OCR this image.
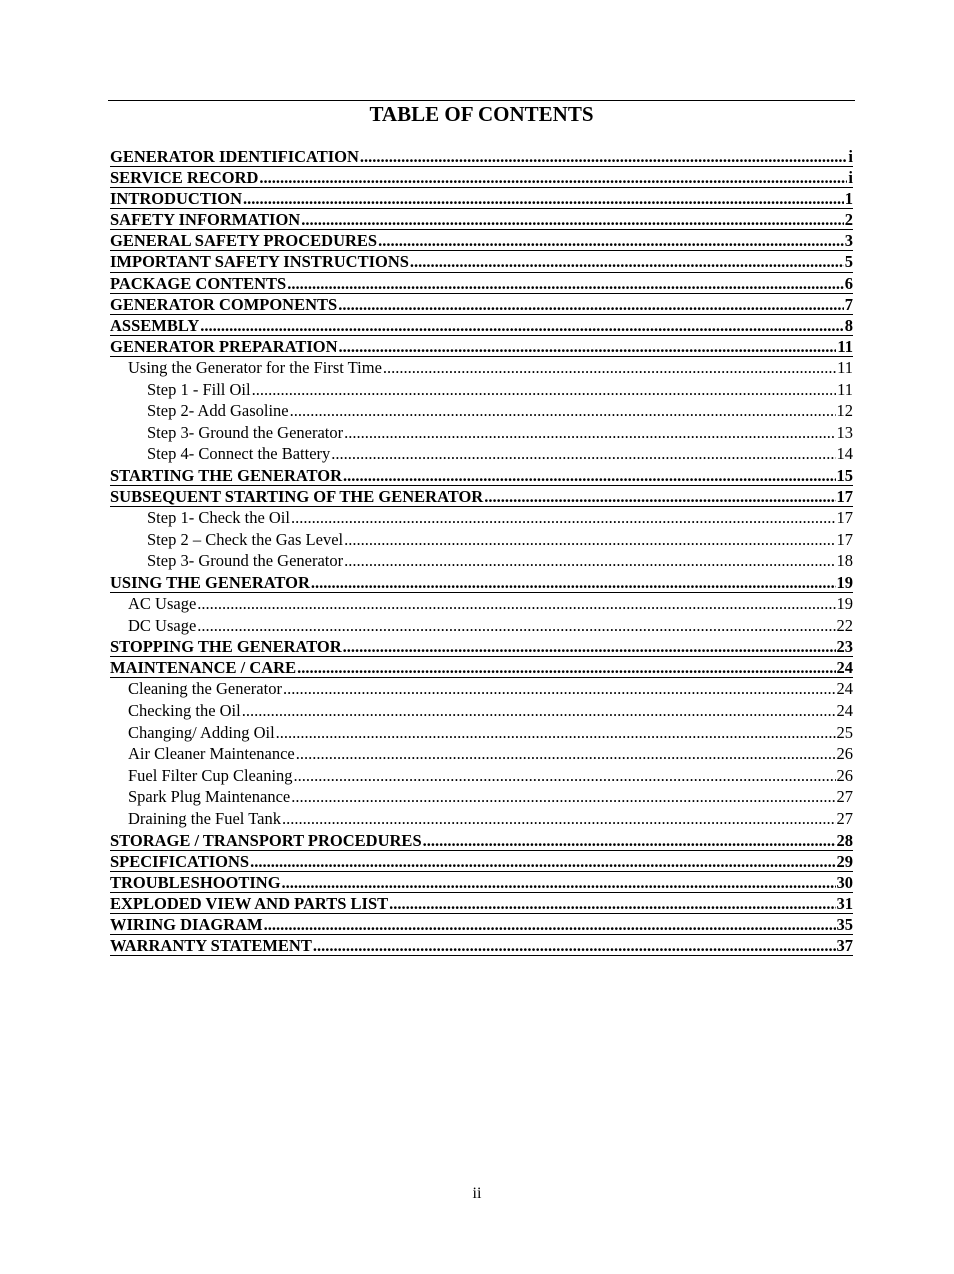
TABLE OF CONTENTS
GENERATOR IDENTIFICATION .....	i
SERVICE RECORD .....	i
INTRODUCTION .....	1
SAFETY INFORMATION .....	2
GENERAL SAFETY PROCEDURES .....	3
IMPORTANT SAFETY INSTRUCTIONS .....	5
PACKAGE CONTENTS .....	6
GENERATOR COMPONENTS .....	7
ASSEMBLY .....	8
GENERATOR PREPARATION .....	11
Using the Generator for the First Time .....	11
Step 1 - Fill Oil .....	11
Step 2- Add Gasoline .....	12
Step 3- Ground the Generator .....	13
Step 4- Connect the Battery .....	14
STARTING THE GENERATOR .....	15
SUBSEQUENT STARTING OF THE GENERATOR .....	17
Step 1- Check the Oil .....	17
Step 2 – Check the Gas Level .....	17
Step 3- Ground the Generator .....	18
USING THE GENERATOR .....	19
AC Usage .....	19
DC Usage .....	22
STOPPING THE GENERATOR .....	23
MAINTENANCE / CARE .....	24
Cleaning the Generator .....	24
Checking the Oil .....	24
Changing/ Adding Oil .....	25
Air Cleaner Maintenance .....	26
Fuel Filter Cup Cleaning .....	26
Spark Plug Maintenance .....	27
Draining the Fuel Tank .....	27
STORAGE / TRANSPORT PROCEDURES .....	28
SPECIFICATIONS .....	29
TROUBLESHOOTING .....	30
EXPLODED VIEW AND PARTS LIST .....	31
WIRING DIAGRAM .....	35
WARRANTY STATEMENT .....	37
ii
